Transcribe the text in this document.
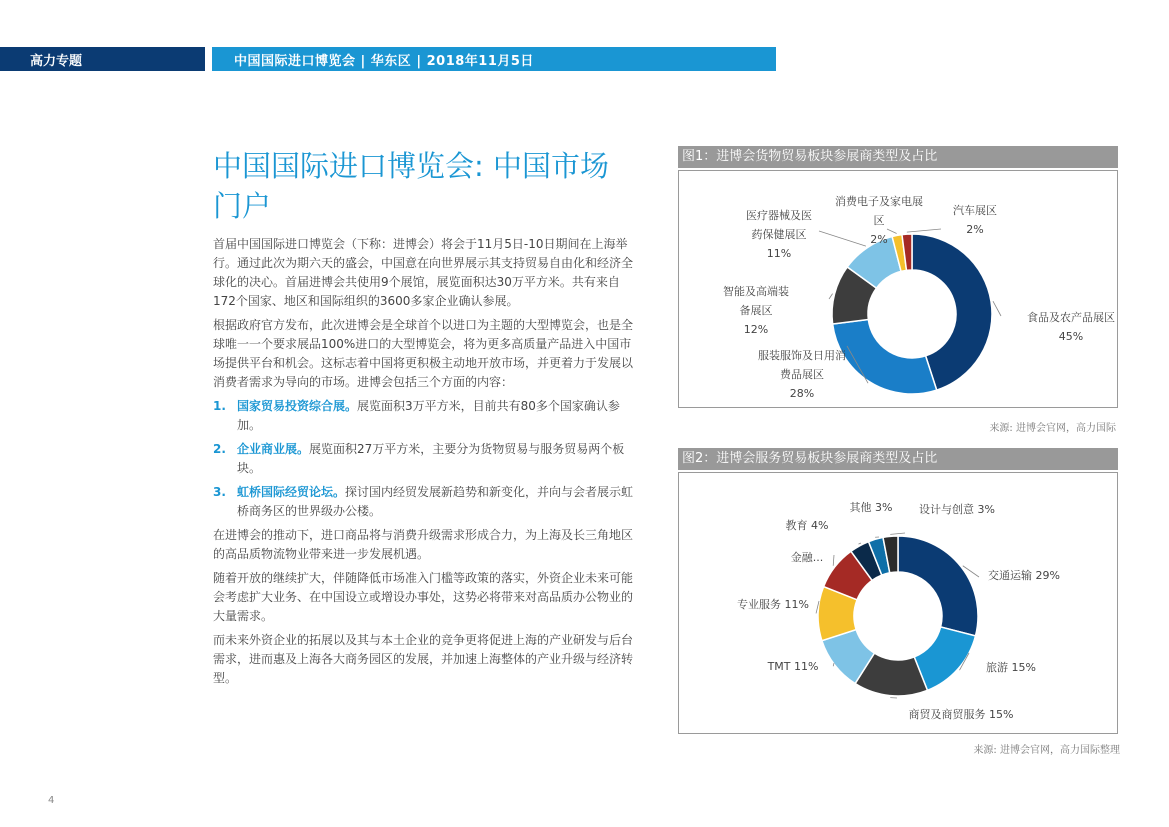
高力专题	中国国际进口博览会 | 华东区 | 2018年11月5日
中国国际进口博览会: 中国市场门户

首届中国国际进口博览会（下称：进博会）将会于11月5日-10日期间在上海举行。通过此次为期六天的盛会，中国意在向世界展示其支持贸易自由化和经济全球化的决心。首届进博会共使用9个展馆，展览面积达30万平方米。共有来自172个国家、地区和国际组织的3600多家企业确认参展。

根据政府官方发布，此次进博会是全球首个以进口为主题的大型博览会，也是全球唯一一个要求展品100%进口的大型博览会，将为更多高质量产品进入中国市场提供平台和机会。这标志着中国将更积极主动地开放市场，并更着力于发展以消费者需求为导向的市场。进博会包括三个方面的内容：

1. 国家贸易投资综合展。展览面积3万平方米，目前共有80多个国家确认参加。
2. 企业商业展。展览面积27万平方米，主要分为货物贸易与服务贸易两个板块。
3. 虹桥国际经贸论坛。探讨国内经贸发展新趋势和新变化，并向与会者展示虹桥商务区的世界级办公楼。

在进博会的推动下，进口商品将与消费升级需求形成合力，为上海及长三角地区的高品质物流物业带来进一步发展机遇。

随着开放的继续扩大，伴随降低市场准入门槛等政策的落实，外资企业未来可能会考虑扩大业务、在中国设立或增设办事处，这势必将带来对高品质办公物业的大量需求。

而未来外资企业的拓展以及其与本土企业的竞争更将促进上海的产业研发与后台需求，进而惠及上海各大商务园区的发展，并加速上海整体的产业升级与经济转型。

图1：进博会货物贸易板块参展商类型及占比
食品及农产品展区
45%
服装服饰及日用消
费品展区
28%
智能及高端装
备展区
12%
医疗器械及医
药保健展区
11%
消费电子及家电展
区
2%
汽车展区
2%
来源: 进博会官网，高力国际
图2：进博会服务贸易板块参展商类型及占比
交通运输 29%
旅游 15%
商贸及商贸服务 15%
TMT 11%
专业服务 11%
金融...
教育 4%
其他 3% 设计与创意 3%
来源: 进博会官网，高力国际整理
4
